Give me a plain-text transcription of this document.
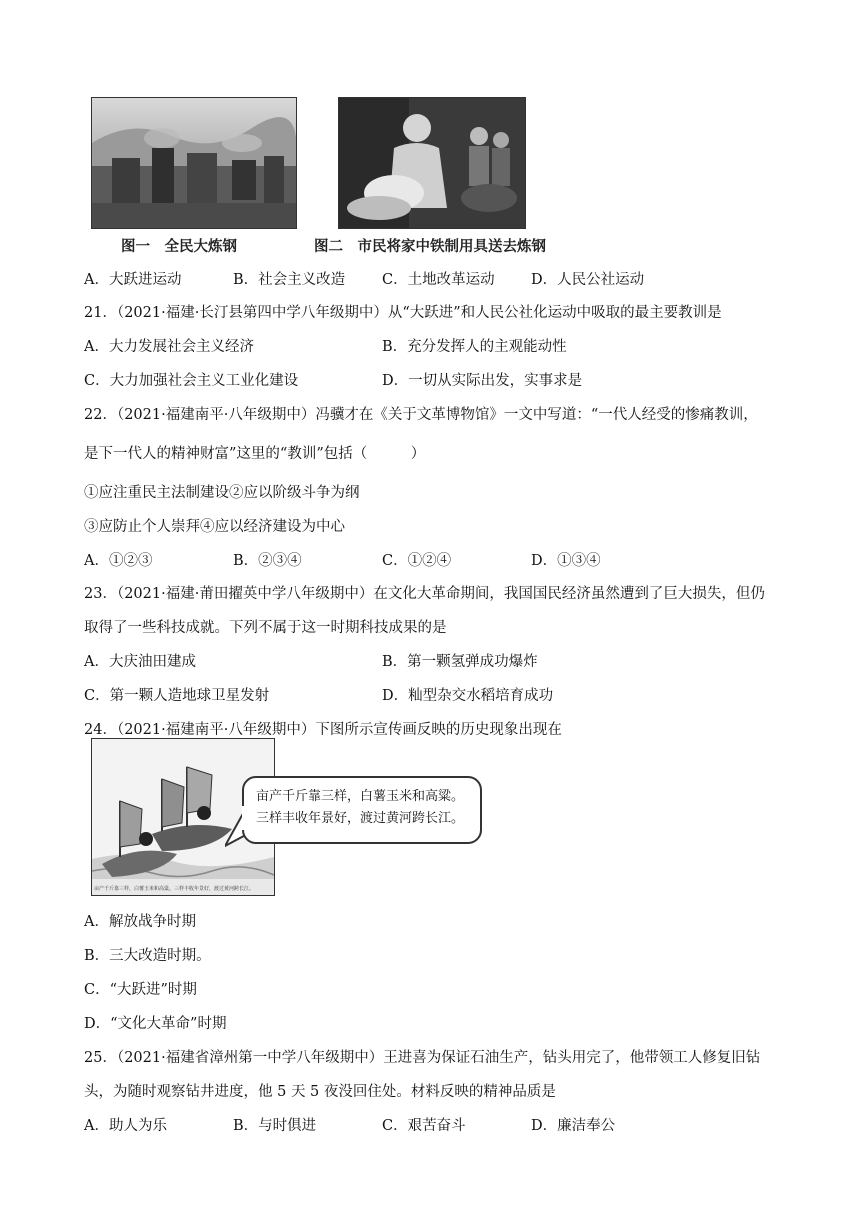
图一　全民大炼钢	图二　市民将家中铁制用具送去炼钢
A．大跃进运动	B．社会主义改造	C．土地改革运动	D．人民公社运动
21．（2021·福建·长汀县第四中学八年级期中）从“大跃进”和人民公社化运动中吸取的最主要教训是
A．大力发展社会主义经济	B．充分发挥人的主观能动性
C．大力加强社会主义工业化建设	D．一切从实际出发，实事求是
22．（2021·福建南平·八年级期中）冯骥才在《关于文革博物馆》一文中写道：“一代人经受的惨痛教训，
是下一代人的精神财富”这里的“教训”包括（　　　）
①应注重民主法制建设②应以阶级斗争为纲
③应防止个人崇拜④应以经济建设为中心
A．①②③	B．②③④	C．①②④	D．①③④
23．（2021·福建·莆田擢英中学八年级期中）在文化大革命期间，我国国民经济虽然遭到了巨大损失，但仍
取得了一些科技成就。下列不属于这一时期科技成果的是
A．大庆油田建成	B．第一颗氢弹成功爆炸
C．第一颗人造地球卫星发射	D．籼型杂交水稻培育成功
24．（2021·福建南平·八年级期中）下图所示宣传画反映的历史现象出现在
亩产千斤靠三样，白薯玉米和高粱。三样丰收年景好，渡过黄河跨长江。
亩产千斤靠三样，白薯玉米和高粱。
三样丰收年景好，渡过黄河跨长江。
A．解放战争时期
B．三大改造时期。
C．“大跃进”时期
D．“文化大革命”时期
25．（2021·福建省漳州第一中学八年级期中）王进喜为保证石油生产，钻头用完了，他带领工人修复旧钻
头，为随时观察钻井进度，他 5 天 5 夜没回住处。材料反映的精神品质是
A．助人为乐	B．与时俱进	C．艰苦奋斗	D．廉洁奉公
